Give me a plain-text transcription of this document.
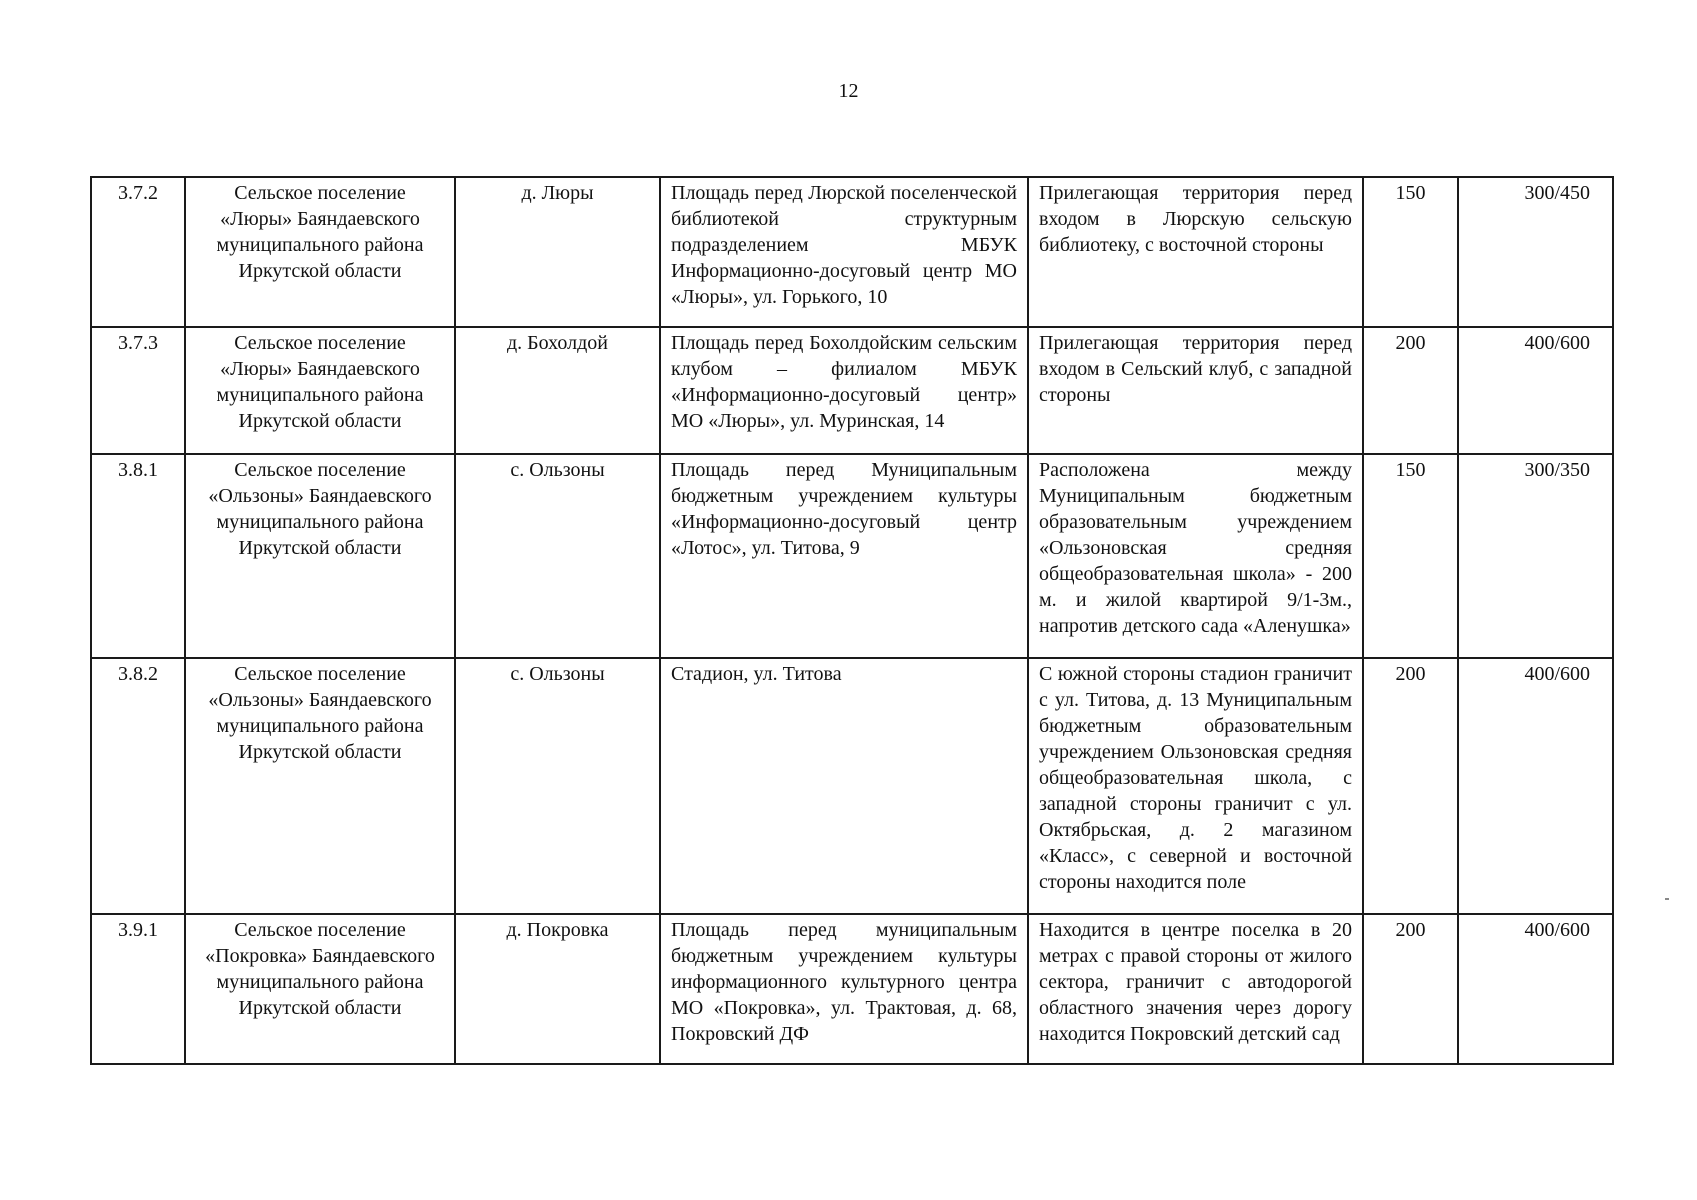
12
3.7.2	Сельское поселение «Люры» Баяндаевского муниципального района Иркутской области	д. Люры	Площадь перед Люрской поселенческой библиотекой структурным подразделением МБУК Информационно-досуговый центр МО «Люры», ул. Горького, 10	Прилегающая территория перед входом в Люрскую сельскую библиотеку, с восточной стороны	150	300/450
3.7.3	Сельское поселение «Люры» Баяндаевского муниципального района Иркутской области	д. Бохолдой	Площадь перед Бохолдойским сельским клубом – филиалом МБУК «Информационно-досуговый центр» МО «Люры», ул. Муринская, 14	Прилегающая территория перед входом в Сельский клуб, с западной стороны	200	400/600
3.8.1	Сельское поселение «Ользоны» Баяндаевского муниципального района Иркутской области	с. Ользоны	Площадь перед Муниципальным бюджетным учреждением культуры «Информационно-досуговый центр «Лотос», ул. Титова, 9	Расположена между Муниципальным бюджетным образовательным учреждением «Ользоновская средняя общеобразовательная школа» - 200 м. и жилой квартирой 9/1-3м., напротив детского сада «Аленушка»	150	300/350
3.8.2	Сельское поселение «Ользоны» Баяндаевского муниципального района Иркутской области	с. Ользоны	Стадион, ул. Титова	С южной стороны стадион граничит с ул. Титова, д. 13 Муниципальным бюджетным образовательным учреждением Ользоновская средняя общеобразовательная школа, с западной стороны граничит с ул. Октябрьская, д. 2 магазином «Класс», с северной и восточной стороны находится поле	200	400/600
3.9.1	Сельское поселение «Покровка» Баяндаевского муниципального района Иркутской области	д. Покровка	Площадь перед муниципальным бюджетным учреждением культуры информационного культурного центра МО «Покровка», ул. Трактовая, д. 68, Покровский ДФ	Находится в центре поселка в 20 метрах с правой стороны от жилого сектора, граничит с автодорогой областного значения через дорогу находится Покровский детский сад	200	400/600
